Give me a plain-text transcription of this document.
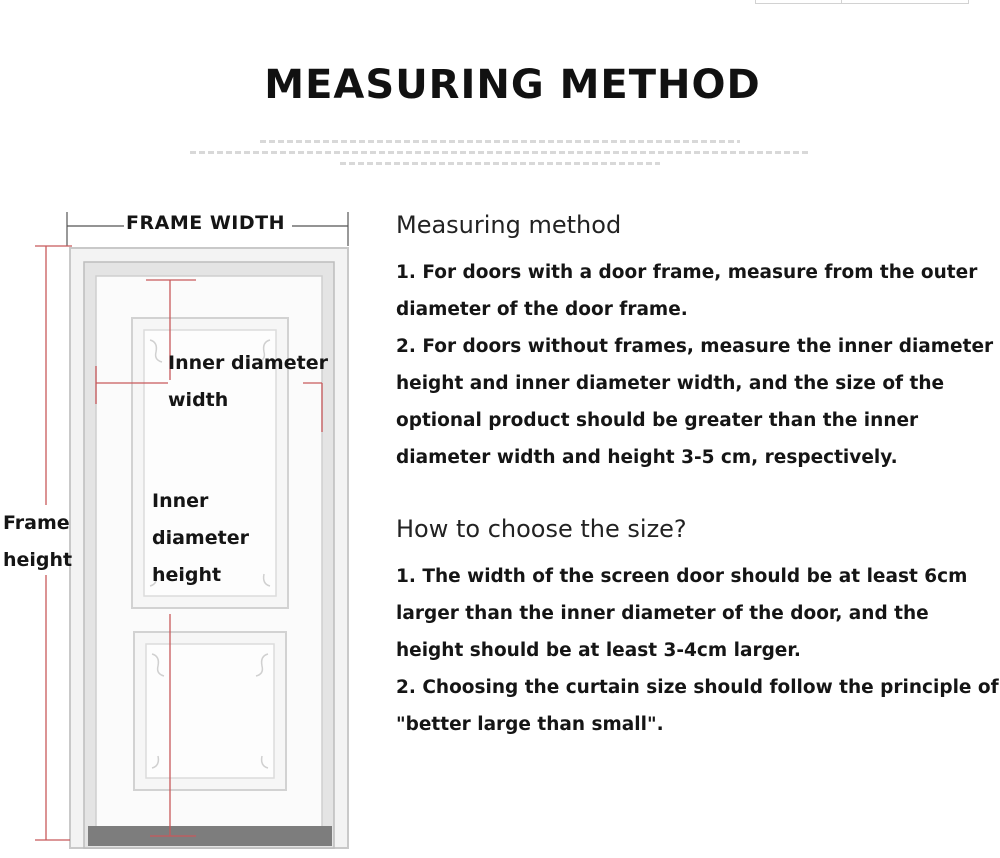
MEASURING METHOD
FRAME WIDTH
Frame height
Inner diameter width
Inner diameter height

Measuring method

1. For doors with a door frame, measure from the outer diameter of the door frame.

2. For doors without frames, measure the inner diameter height and inner diameter width, and the size of the optional product should be greater than the inner diameter width and height 3-5 cm, respectively.

How to choose the size?

1. The width of the screen door should be at least 6cm larger than the inner diameter of the door, and the height should be at least 3-4cm larger.

2. Choosing the curtain size should follow the principle of "better large than small".
